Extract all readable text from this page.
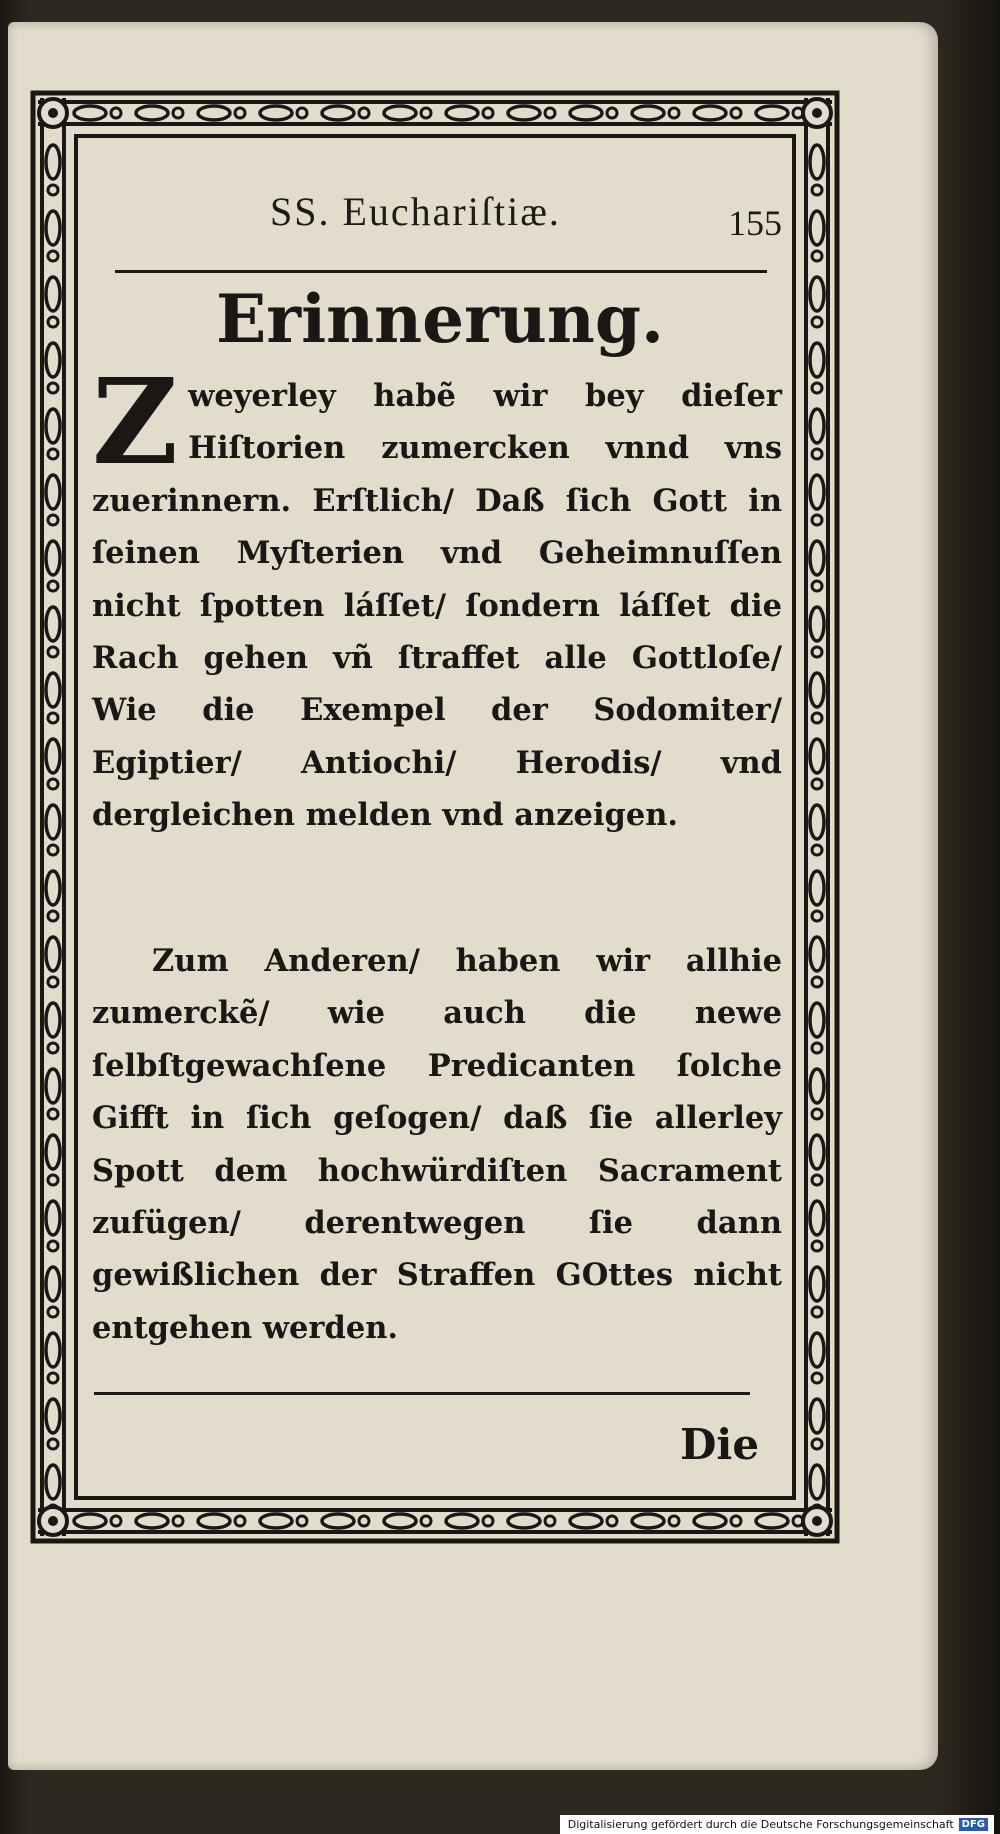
SS. Euchariſtiæ.	155
Erinnerung.
Z weyerley habẽ wir bey dieſer Hiſtorien zumercken vnnd vns zuerinnern. Erſtlich/ Daß ſich Gott in ſeinen Myſterien vnd Geheimnuſſen nicht ſpotten láſſet/ ſondern láſſet die Rach gehen vñ ſtraffet alle Gottloſe/ Wie die Exempel der Sodomiter/ Egiptier/ Antiochi/ Herodis/ vnd dergleichen melden vnd anzeigen.
Zum Anderen/ haben wir allhie zumerckẽ/ wie auch die newe ſelbſtgewachſene Predicanten ſolche Gifft in ſich geſogen/ daß ſie allerley Spott dem hochwürdiſten Sacrament zufügen/ derentwegen ſie dann gewißlichen der Straffen GOttes nicht entgehen werden.
Die
Digitalisierung gefördert durch die Deutsche Forschungsgemeinschaft DFG
